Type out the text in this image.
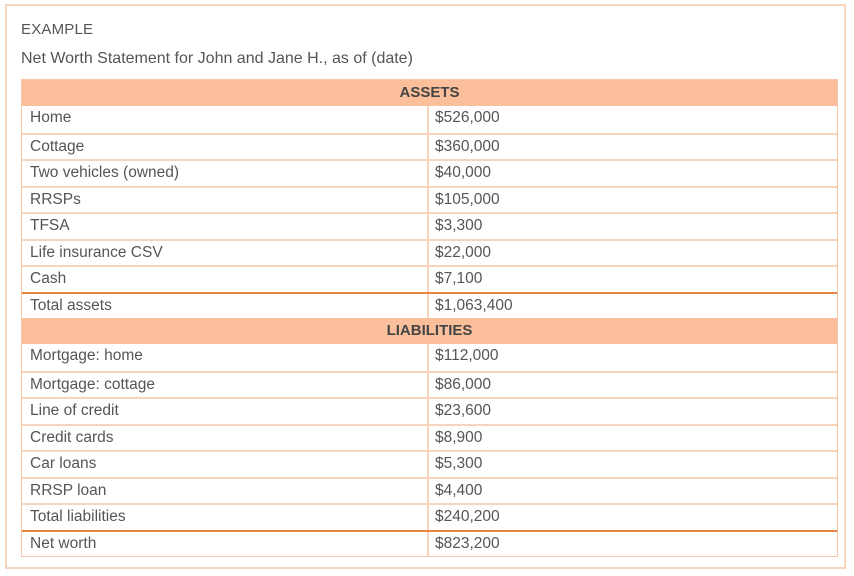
EXAMPLE
Net Worth Statement for John and Jane H., as of (date)
ASSETS
Home	$526,000
Cottage	$360,000
Two vehicles (owned)	$40,000
RRSPs	$105,000
TFSA	$3,300
Life insurance CSV	$22,000
Cash	$7,100
Total assets	$1,063,400
LIABILITIES
Mortgage: home	$112,000
Mortgage: cottage	$86,000
Line of credit	$23,600
Credit cards	$8,900
Car loans	$5,300
RRSP loan	$4,400
Total liabilities	$240,200
Net worth	$823,200
